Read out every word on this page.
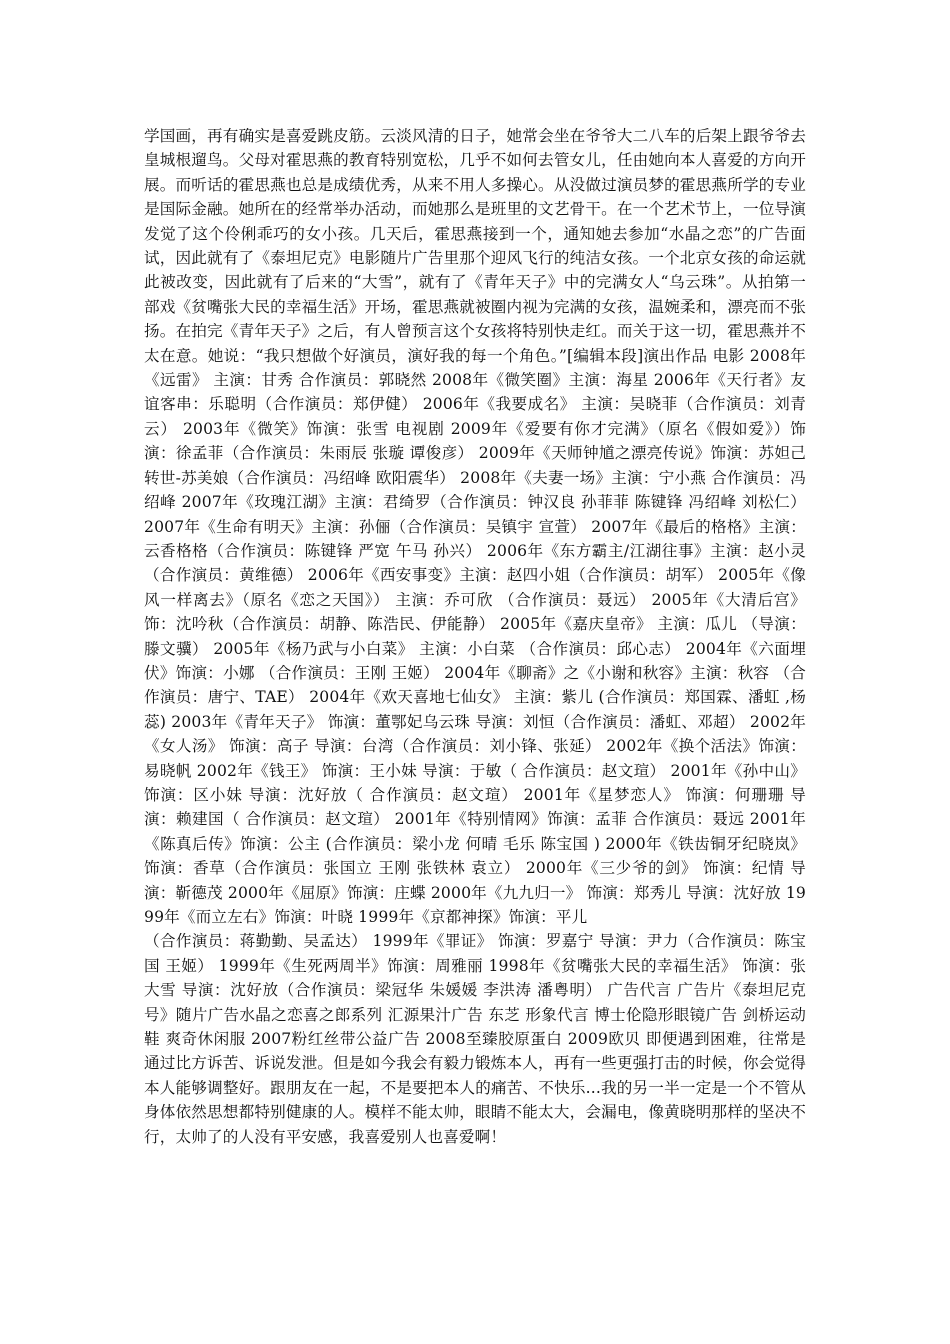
学国画，再有确实是喜爱跳皮筋。云淡风清的日子，她常会坐在爷爷大二八车的后架上跟爷爷去皇城根遛鸟。父母对霍思燕的教育特别宽松，几乎不如何去管女儿，任由她向本人喜爱的方向开展。而听话的霍思燕也总是成绩优秀，从来不用人多操心。从没做过演员梦的霍思燕所学的专业是国际金融。她所在的经常举办活动，而她那么是班里的文艺骨干。在一个艺术节上，一位导演发觉了这个伶俐乖巧的女小孩。几天后，霍思燕接到一个，通知她去参加“水晶之恋”的广告面试，因此就有了《泰坦尼克》电影随片广告里那个迎风飞行的纯洁女孩。一个北京女孩的命运就此被改变，因此就有了后来的“大雪”，就有了《青年天子》中的完满女人“乌云珠”。从拍第一部戏《贫嘴张大民的幸福生活》开场，霍思燕就被圈内视为完满的女孩，温婉柔和，漂亮而不张扬。在拍完《青年天子》之后，有人曾预言这个女孩将特别快走红。而关于这一切，霍思燕并不太在意。她说：“我只想做个好演员，演好我的每一个角色。”[编辑本段]演出作品 电影 2008年《远雷》 主演：甘秀 合作演员：郭晓然 2008年《微笑圈》主演：海星 2006年《天行者》友谊客串：乐聪明（合作演员：郑伊健） 2006年《我要成名》 主演：吴晓菲（合作演员：刘青云） 2003年《微笑》饰演：张雪 电视剧 2009年《爱要有你才完满》（原名《假如爱》）饰演：徐孟菲（合作演员：朱雨辰 张璇 谭俊彦） 2009年《天师钟馗之漂亮传说》饰演：苏妲己转世-苏美娘（合作演员：冯绍峰 欧阳震华） 2008年《夫妻一场》主演：宁小燕 合作演员：冯绍峰 2007年《玫瑰江湖》主演：君绮罗（合作演员：钟汉良 孙菲菲 陈键锋 冯绍峰 刘松仁） 2007年《生命有明天》主演：孙俪（合作演员：吴镇宇 宣萱） 2007年《最后的格格》主演：云香格格（合作演员：陈键锋 严宽 午马 孙兴） 2006年《东方霸主/江湖往事》主演：赵小灵（合作演员：黄维德） 2006年《西安事变》主演：赵四小姐（合作演员：胡军） 2005年《像风一样离去》（原名《恋之天国》） 主演：乔可欣 （合作演员：聂远） 2005年《大清后宫》 饰：沈吟秋（合作演员：胡静、陈浩民、伊能静） 2005年《嘉庆皇帝》 主演：瓜儿 （导演：滕文骥） 2005年《杨乃武与小白菜》 主演：小白菜 （合作演员：邱心志） 2004年《六面埋伏》饰演：小娜 （合作演员：王刚 王姬） 2004年《聊斋》之《小谢和秋容》主演：秋容 （合作演员：唐宁、TAE） 2004年《欢天喜地七仙女》 主演：紫儿 (合作演员：郑国霖、潘虹 ,杨蕊) 2003年《青年天子》 饰演：董鄂妃乌云珠 导演：刘恒（合作演员：潘虹、邓超） 2002年《女人汤》 饰演：高子 导演：台湾（合作演员：刘小锋、张延） 2002年《换个活法》饰演：易晓帆 2002年《钱王》 饰演：王小妹 导演：于敏（ 合作演员：赵文瑄） 2001年《孙中山》 饰演：区小妹 导演：沈好放（ 合作演员：赵文瑄） 2001年《星梦恋人》 饰演：何珊珊 导演：赖建国（ 合作演员：赵文瑄） 2001年《特别情网》饰演：孟菲 合作演员：聂远 2001年《陈真后传》饰演：公主 (合作演员：梁小龙 何晴 毛乐 陈宝国 ) 2000年《铁齿铜牙纪晓岚》饰演：香草（合作演员：张国立 王刚 张铁林 袁立） 2000年《三少爷的剑》 饰演：纪情 导演：靳德茂 2000年《屈原》饰演：庄蝶 2000年《九九归一》 饰演：郑秀儿 导演：沈好放 1999年《而立左右》饰演：叶晓 1999年《京都神探》饰演：平儿

（合作演员：蒋勤勤、吴孟达） 1999年《罪证》 饰演：罗嘉宁 导演：尹力（合作演员：陈宝国 王姬） 1999年《生死两周半》饰演：周雅丽 1998年《贫嘴张大民的幸福生活》 饰演：张大雪 导演：沈好放（合作演员：梁冠华 朱媛媛 李洪涛 潘粤明） 广告代言 广告片《泰坦尼克号》随片广告水晶之恋喜之郎系列 汇源果汁广告 东芝 形象代言 博士伦隐形眼镜广告 剑桥运动鞋 爽奇休闲服 2007粉红丝带公益广告 2008至臻胶原蛋白 2009欧贝 即便遇到困难，往常是通过比方诉苦、诉说发泄。但是如今我会有毅力锻炼本人，再有一些更强打击的时候，你会觉得本人能够调整好。跟朋友在一起，不是要把本人的痛苦、不快乐...我的另一半一定是一个不管从身体依然思想都特别健康的人。模样不能太帅，眼睛不能太大，会漏电，像黄晓明那样的坚决不行，太帅了的人没有平安感，我喜爱别人也喜爱啊！
